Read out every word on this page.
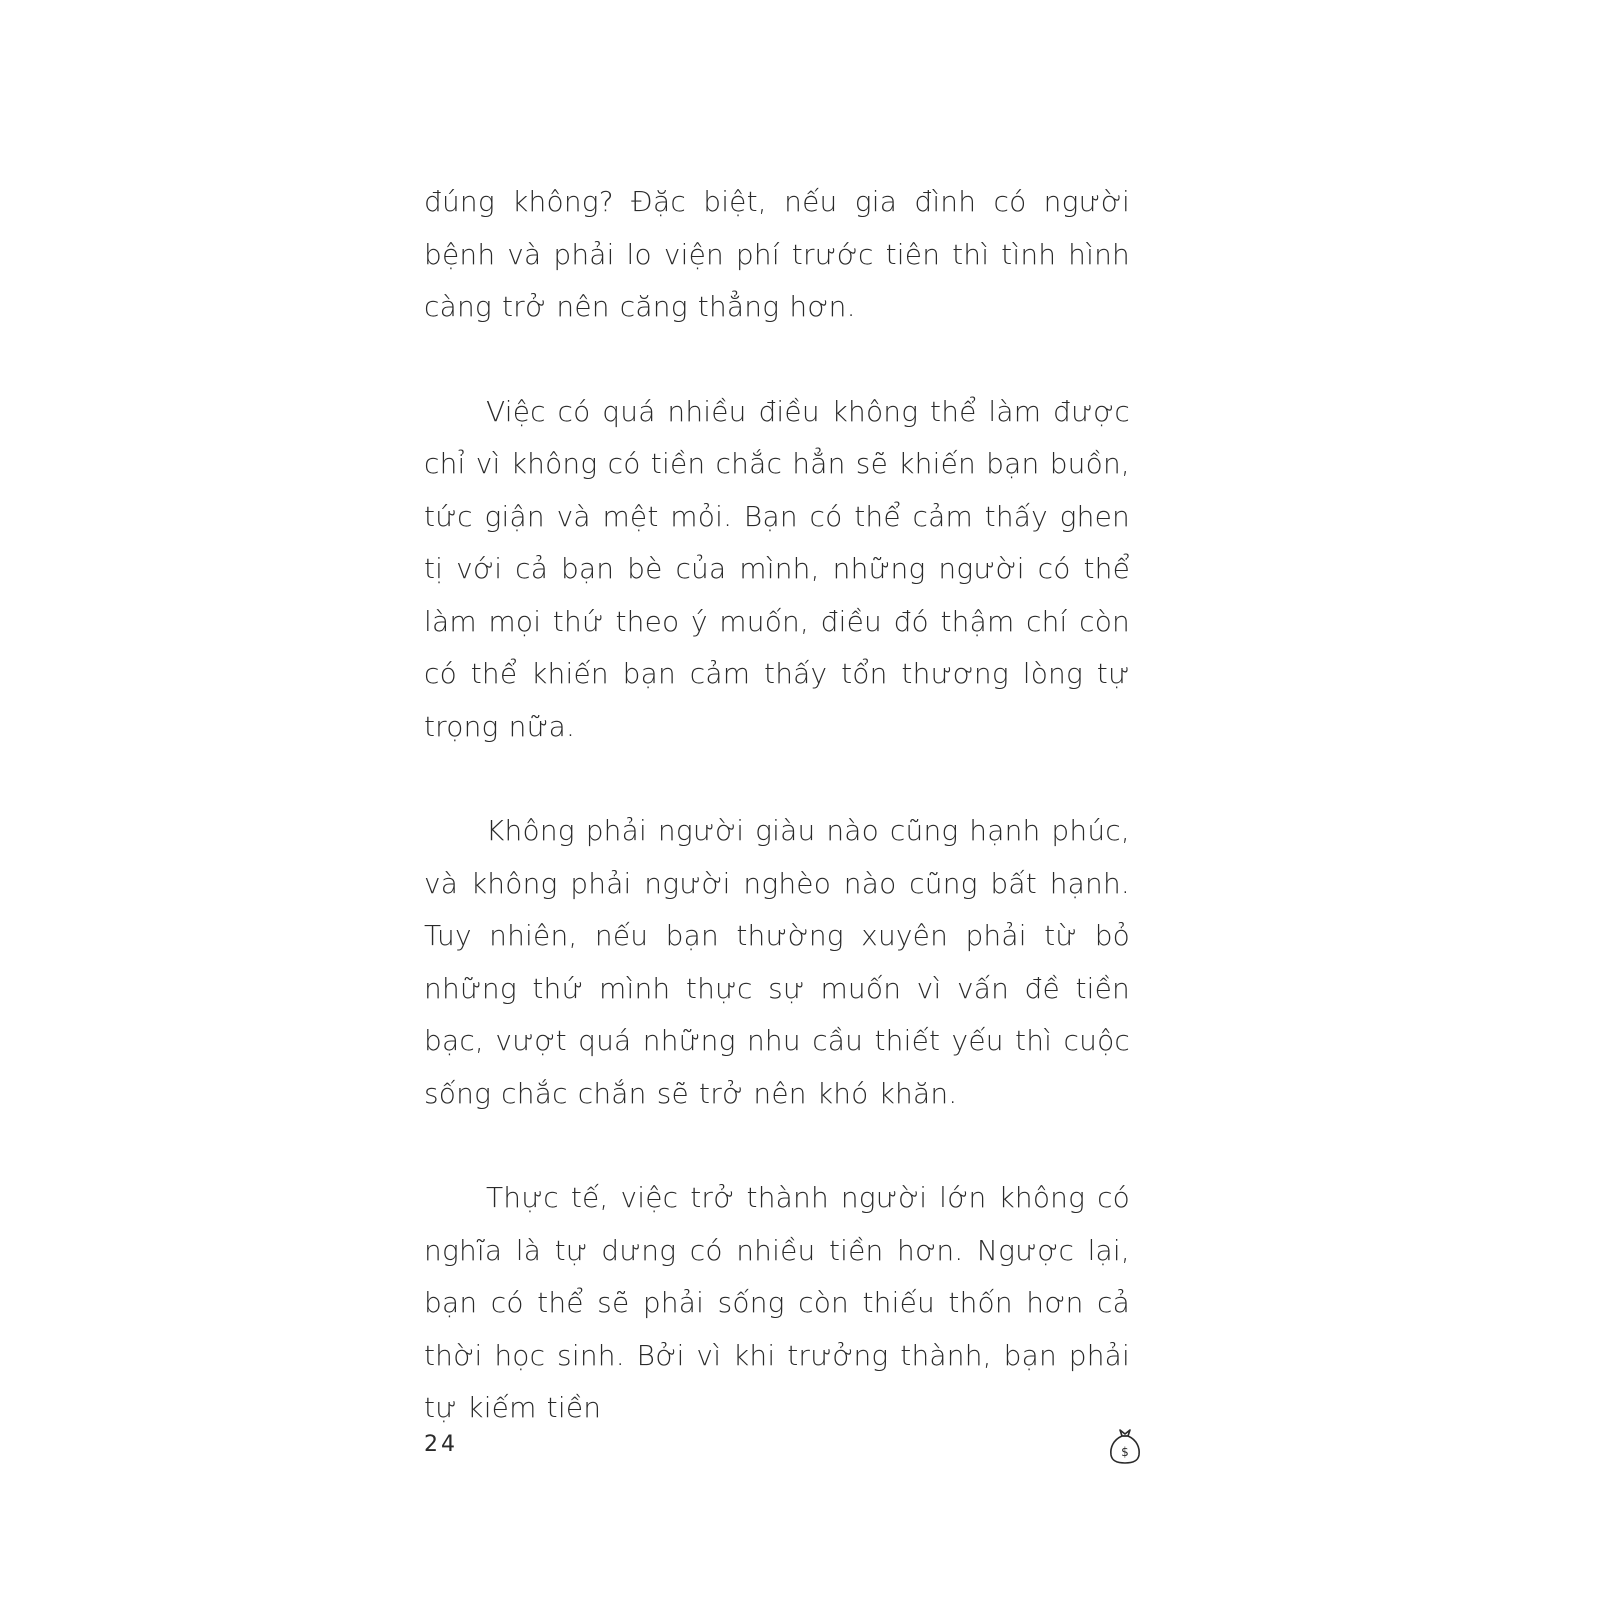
đúng không? Đặc biệt, nếu gia đình có người bệnh và phải lo viện phí trước tiên thì tình hình càng trở nên căng thẳng hơn.

Việc có quá nhiều điều không thể làm được chỉ vì không có tiền chắc hẳn sẽ khiến bạn buồn, tức giận và mệt mỏi. Bạn có thể cảm thấy ghen tị với cả bạn bè của mình, những người có thể làm mọi thứ theo ý muốn, điều đó thậm chí còn có thể khiến bạn cảm thấy tổn thương lòng tự trọng nữa.

Không phải người giàu nào cũng hạnh phúc, và không phải người nghèo nào cũng bất hạnh. Tuy nhiên, nếu bạn thường xuyên phải từ bỏ những thứ mình thực sự muốn vì vấn đề tiền bạc, vượt quá những nhu cầu thiết yếu thì cuộc sống chắc chắn sẽ trở nên khó khăn.

Thực tế, việc trở thành người lớn không có nghĩa là tự dưng có nhiều tiền hơn. Ngược lại, bạn có thể sẽ phải sống còn thiếu thốn hơn cả thời học sinh. Bởi vì khi trưởng thành, bạn phải tự kiếm tiền

24	$
